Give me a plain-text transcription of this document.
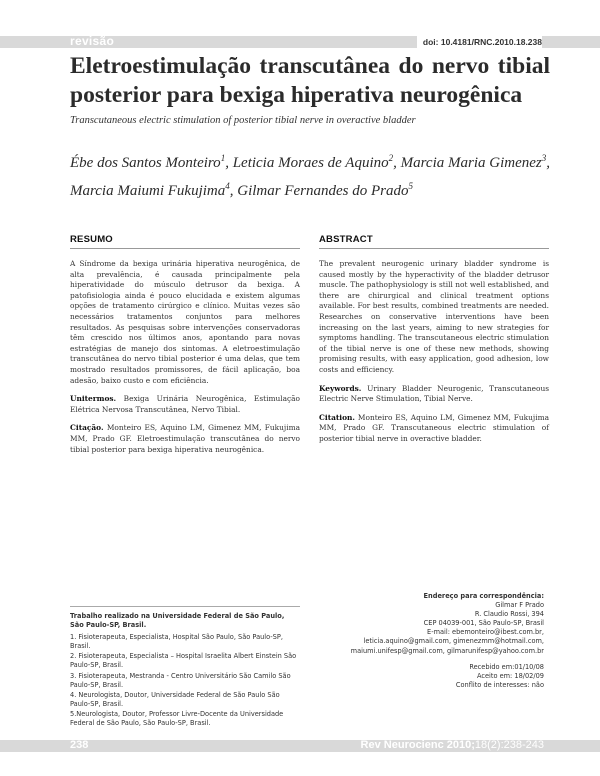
revisão	doi: 10.4181/RNC.2010.18.238
Eletroestimulação transcutânea do nervo tibial posterior para bexiga hiperativa neurogênica
Transcutaneous electric stimulation of posterior tibial nerve in overactive bladder
Ébe dos Santos Monteiro$^1$, Leticia Moraes de Aquino$^2$, Marcia Maria Gimenez$^3$, Marcia Maiumi Fukujima$^4$, Gilmar Fernandes do Prado$^5$
RESUMO

A Síndrome da bexiga urinária hiperativa neurogênica, de alta prevalência, é causada principalmente pela hiperatividade do músculo detrusor da bexiga. A patofisiologia ainda é pouco elucidada e existem algumas opções de tratamento cirúrgico e clínico. Muitas vezes são necessários tratamentos conjuntos para melhores resultados. As pesquisas sobre intervenções conservadoras têm crescido nos últimos anos, apontando para novas estratégias de manejo dos sintomas. A eletroestimulação transcutânea do nervo tibial posterior é uma delas, que tem mostrado resultados promissores, de fácil aplicação, boa adesão, baixo custo e com eficiência.

Unitermos. Bexiga Urinária Neurogênica, Estimulação Elétrica Nervosa Transcutânea, Nervo Tibial.

Citação. Monteiro ES, Aquino LM, Gimenez MM, Fukujima MM, Prado GF. Eletroestimulação transcutânea do nervo tibial posterior para bexiga hiperativa neurogênica.

ABSTRACT

The prevalent neurogenic urinary bladder syndrome is caused mostly by the hyperactivity of the bladder detrusor muscle. The pathophysiology is still not well established, and there are chirurgical and clinical treatment options available. For best results, combined treatments are needed. Researches on conservative interventions have been increasing on the last years, aiming to new strategies for symptoms handling. The transcutaneous electric stimulation of the tibial nerve is one of these new methods, showing promising results, with easy application, good adhesion, low costs and efficiency.

Keywords. Urinary Bladder Neurogenic, Transcutaneous Electric Nerve Stimulation, Tibial Nerve.

Citation. Monteiro ES, Aquino LM, Gimenez MM, Fukujima MM, Prado GF. Transcutaneous electric stimulation of posterior tibial nerve in overactive bladder.

Trabalho realizado na Universidade Federal de São Paulo, São Paulo-SP, Brasil.
1. Fisioterapeuta, Especialista, Hospital São Paulo, São Paulo-SP, Brasil.
2. Fisioterapeuta, Especialista – Hospital Israelita Albert Einstein São Paulo-SP, Brasil.
3. Fisioterapeuta, Mestranda - Centro Universitário São Camilo São Paulo-SP, Brasil.
4. Neurologista, Doutor, Universidade Federal de São Paulo São Paulo-SP, Brasil.
5.Neurologista, Doutor, Professor Livre-Docente da Universidade Federal de São Paulo, São Paulo-SP, Brasil.
Endereço para correspondência:
Gilmar F Prado
R. Claudio Rossi, 394
CEP 04039-001, São Paulo-SP, Brasil
E-mail: ebemonteiro@ibest.com.br,
leticia.aquino@gmail.com, gimenezmm@hotmail.com,
maiumi.unifesp@gmail.com, gilmarunifesp@yahoo.com.br
Recebido em:01/10/08
Aceito em: 18/02/09
Conflito de interesses: não
238	Rev Neurocienc 2010;18(2):238-243
